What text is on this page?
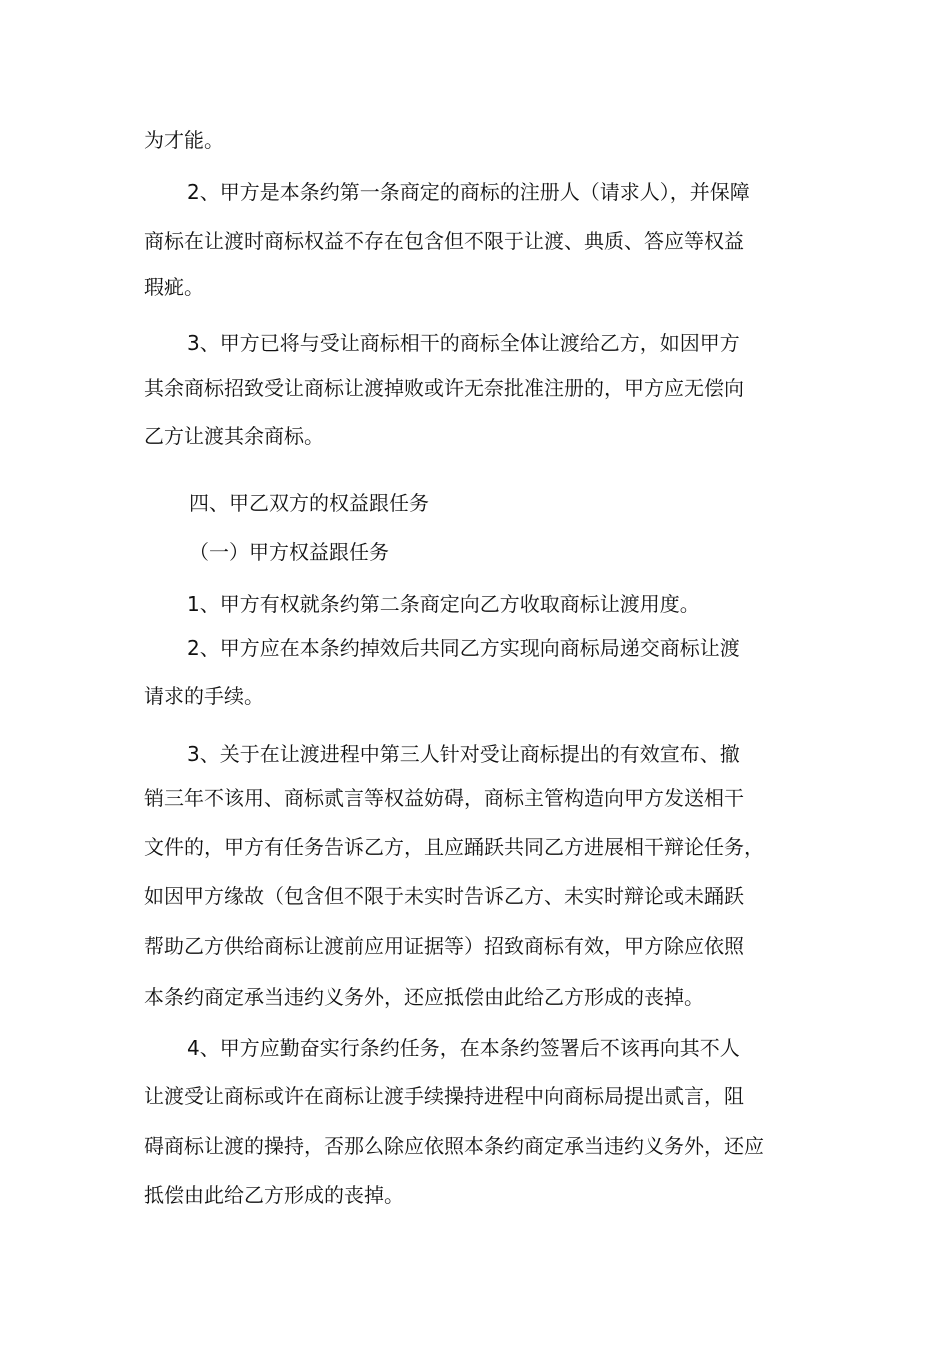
为才能。
2、甲方是本条约第一条商定的商标的注册人（请求人），并保障
商标在让渡时商标权益不存在包含但不限于让渡、典质、答应等权益
瑕疵。
3、甲方已将与受让商标相干的商标全体让渡给乙方，如因甲方
其余商标招致受让商标让渡掉败或许无奈批准注册的，甲方应无偿向
乙方让渡其余商标。
四、甲乙双方的权益跟任务
（一）甲方权益跟任务
1、甲方有权就条约第二条商定向乙方收取商标让渡用度。
2、甲方应在本条约掉效后共同乙方实现向商标局递交商标让渡
请求的手续。
3、关于在让渡进程中第三人针对受让商标提出的有效宣布、撤
销三年不该用、商标贰言等权益妨碍，商标主管构造向甲方发送相干
文件的，甲方有任务告诉乙方，且应踊跃共同乙方进展相干辩论任务，
如因甲方缘故（包含但不限于未实时告诉乙方、未实时辩论或未踊跃
帮助乙方供给商标让渡前应用证据等）招致商标有效，甲方除应依照
本条约商定承当违约义务外，还应抵偿由此给乙方形成的丧掉。
4、甲方应勤奋实行条约任务，在本条约签署后不该再向其不人
让渡受让商标或许在商标让渡手续操持进程中向商标局提出贰言，阻
碍商标让渡的操持，否那么除应依照本条约商定承当违约义务外，还应
抵偿由此给乙方形成的丧掉。
